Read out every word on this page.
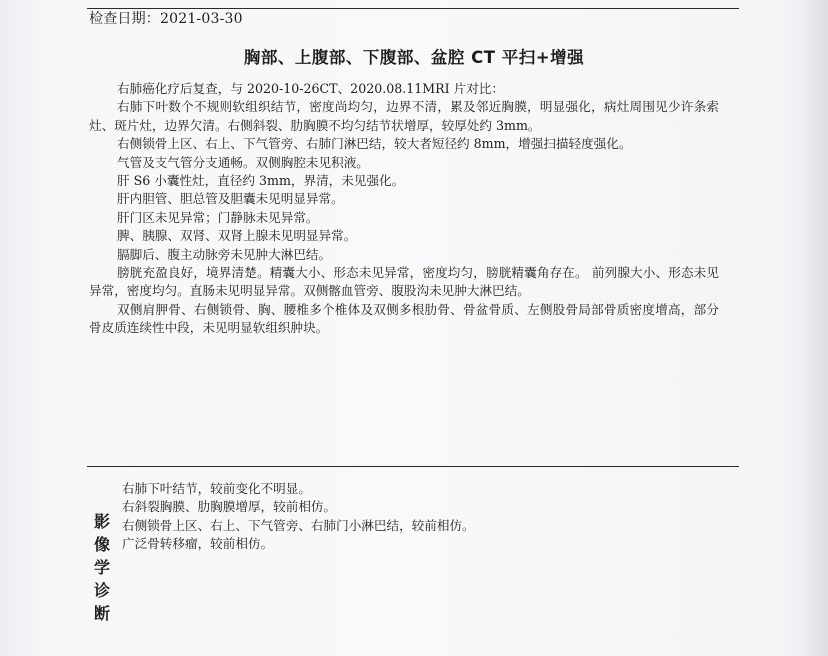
检查日期：2021-03-30
胸部、上腹部、下腹部、盆腔 CT 平扫+增强

右肺癌化疗后复查，与 2020-10-26CT、2020.08.11MRI 片对比：

右肺下叶数个不规则软组织结节，密度尚均匀，边界不清，累及邻近胸膜，明显强化，病灶周围见少许条索灶、斑片灶，边界欠清。右侧斜裂、肋胸膜不均匀结节状增厚，较厚处约 3mm。

右侧锁骨上区、右上、下气管旁、右肺门淋巴结，较大者短径约 8mm，增强扫描轻度强化。

气管及支气管分支通畅。双侧胸腔未见积液。

肝 S6 小囊性灶，直径约 3mm，界清，未见强化。

肝内胆管、胆总管及胆囊未见明显异常。

肝门区未见异常；门静脉未见异常。

脾、胰腺、双肾、双肾上腺未见明显异常。

膈脚后、腹主动脉旁未见肿大淋巴结。

膀胱充盈良好，境界清楚。精囊大小、形态未见异常，密度均匀，膀胱精囊角存在。 前列腺大小、形态未见异常，密度均匀。直肠未见明显异常。双侧髂血管旁、腹股沟未见肿大淋巴结。

双侧肩胛骨、右侧锁骨、胸、腰椎多个椎体及双侧多根肋骨、骨盆骨质、左侧股骨局部骨质密度增高，部分骨皮质连续性中段，未见明显软组织肿块。

影
像
学
诊
断

右肺下叶结节，较前变化不明显。

右斜裂胸膜、肋胸膜增厚，较前相仿。

右侧锁骨上区、右上、下气管旁、右肺门小淋巴结，较前相仿。

广泛骨转移瘤，较前相仿。
